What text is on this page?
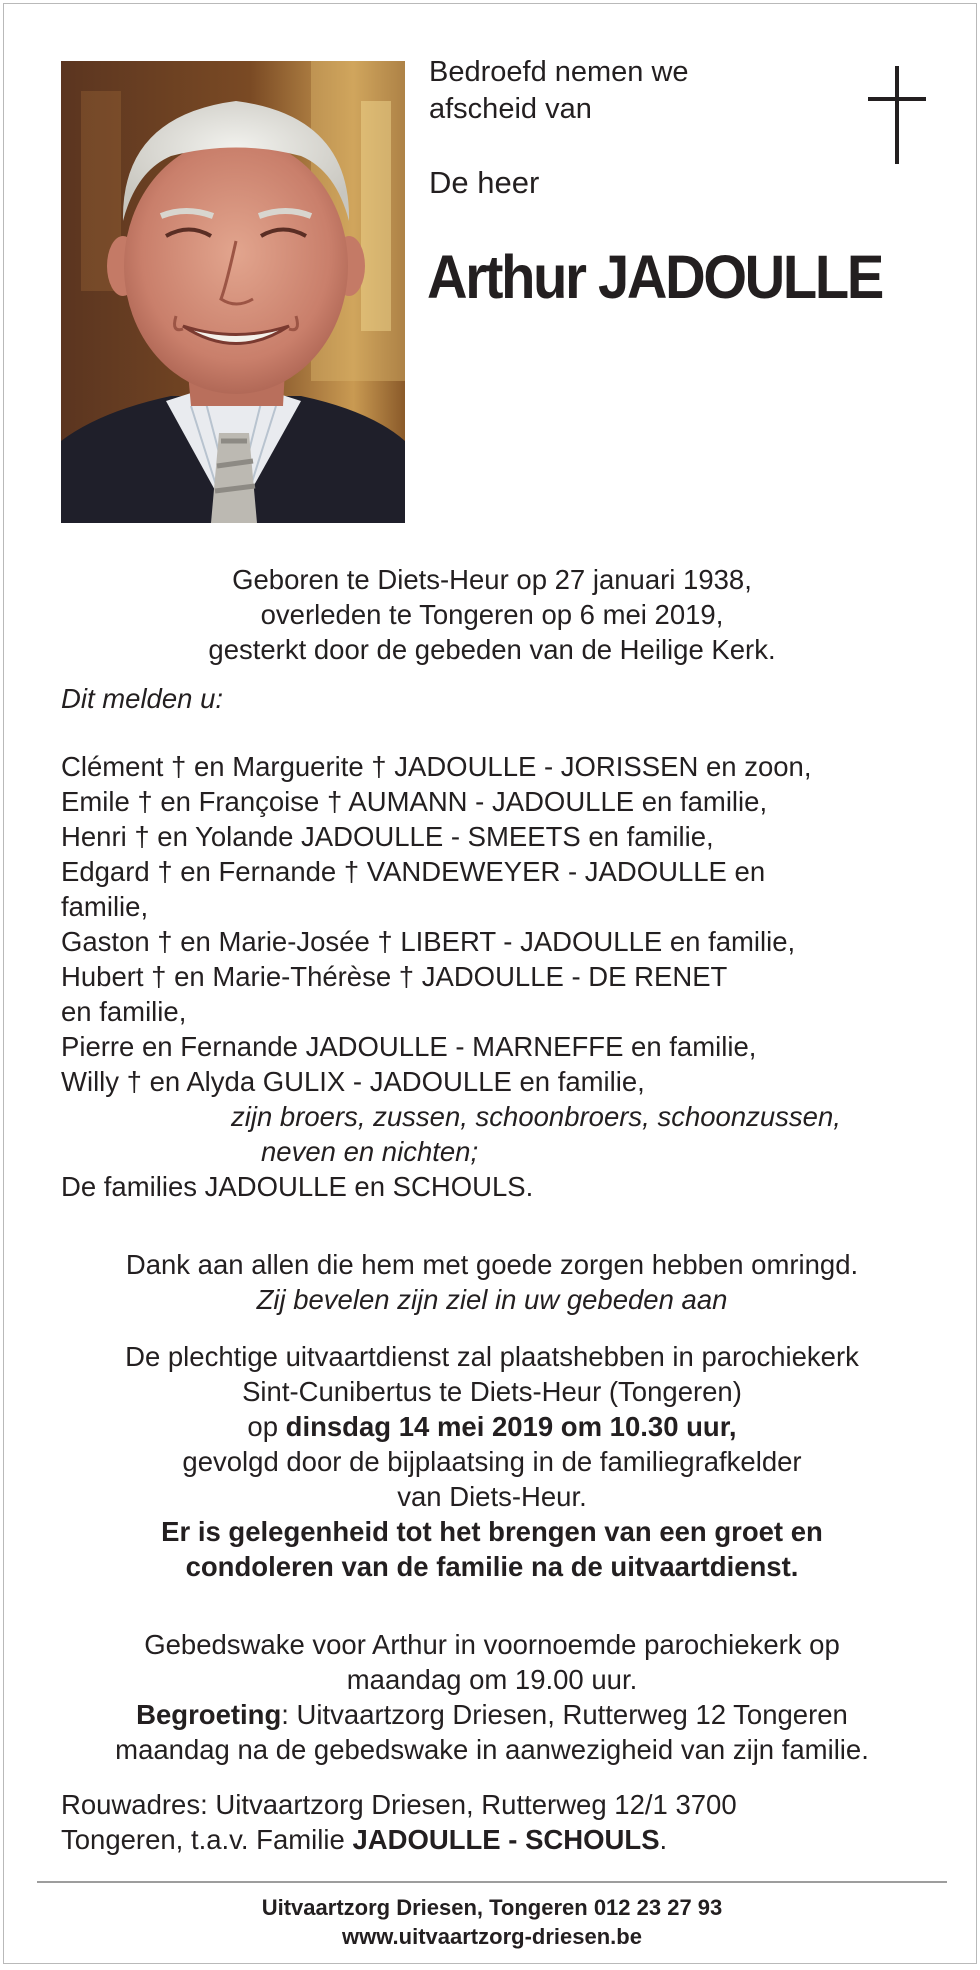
Bedroefd nemen we
afscheid van
De heer
Arthur JADOULLE
Geboren te Diets-Heur op 27 januari 1938,
overleden te Tongeren op 6 mei 2019,
gesterkt door de gebeden van de Heilige Kerk.
Dit melden u:
Clément † en Marguerite † JADOULLE - JORISSEN en zoon,
Emile † en Françoise † AUMANN - JADOULLE en familie,
Henri † en Yolande JADOULLE - SMEETS en familie,
Edgard † en Fernande † VANDEWEYER - JADOULLE en
familie,
Gaston † en Marie-Josée † LIBERT - JADOULLE en familie,
Hubert † en Marie-Thérèse † JADOULLE - DE RENET
en familie,
Pierre en Fernande JADOULLE - MARNEFFE en familie,
Willy † en Alyda GULIX - JADOULLE en familie,
zijn broers, zussen, schoonbroers, schoonzussen,
neven en nichten;
De families JADOULLE en SCHOULS.
Dank aan allen die hem met goede zorgen hebben omringd.
Zij bevelen zijn ziel in uw gebeden aan
De plechtige uitvaartdienst zal plaatshebben in parochiekerk
Sint-Cunibertus te Diets-Heur (Tongeren)
op dinsdag 14 mei 2019 om 10.30 uur,
gevolgd door de bijplaatsing in de familiegrafkelder
van Diets-Heur.
Er is gelegenheid tot het brengen van een groet en
condoleren van de familie na de uitvaartdienst.
Gebedswake voor Arthur in voornoemde parochiekerk op
maandag om 19.00 uur.
Begroeting: Uitvaartzorg Driesen, Rutterweg 12 Tongeren
maandag na de gebedswake in aanwezigheid van zijn familie.
Rouwadres: Uitvaartzorg Driesen, Rutterweg 12/1 3700
Tongeren, t.a.v. Familie JADOULLE - SCHOULS.
Uitvaartzorg Driesen, Tongeren 012 23 27 93
www.uitvaartzorg-driesen.be
